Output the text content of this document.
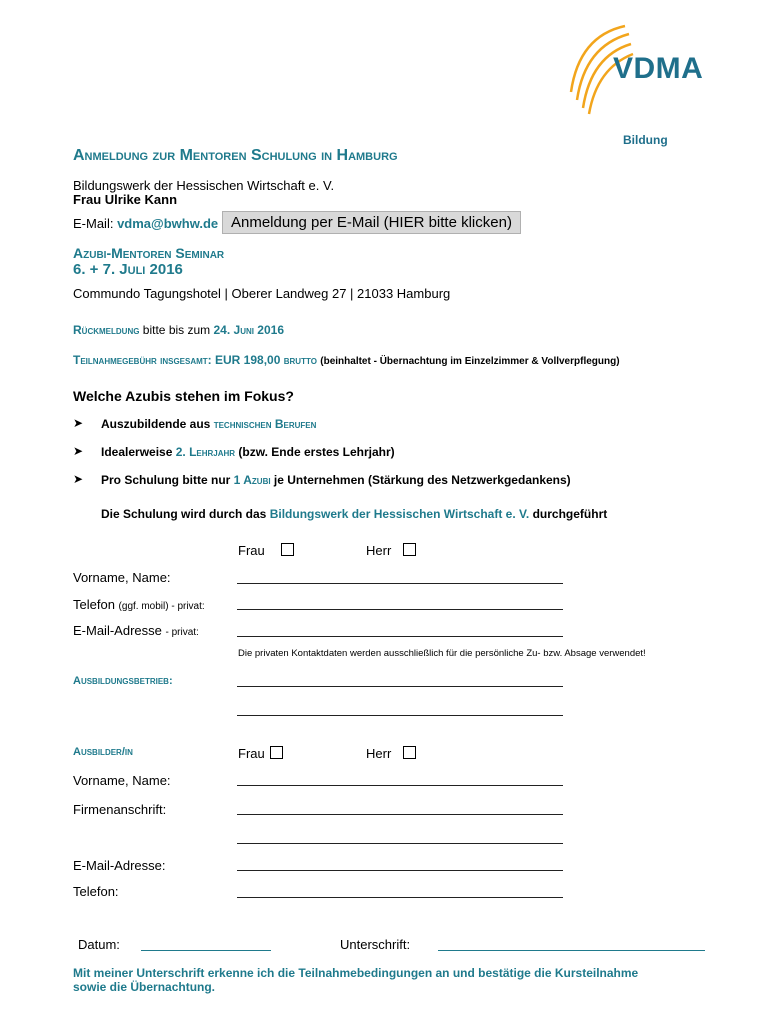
VDMA
Bildung
Anmeldung zur Mentoren Schulung in Hamburg
Bildungswerk der Hessischen Wirtschaft e. V.
Frau Ulrike Kann
E-Mail: vdma@bwhw.de Anmeldung per E-Mail (HIER bitte klicken)
Azubi-Mentoren Seminar
6. + 7. Juli 2016
Commundo Tagungshotel | Oberer Landweg 27 | 21033 Hamburg
Rückmeldung bitte bis zum 24. Juni 2016
Teilnahmegebühr insgesamt: EUR 198,00 brutto (beinhaltet - Übernachtung im Einzelzimmer & Vollverpflegung)
Welche Azubis stehen im Fokus?
➤ Auszubildende aus technischen Berufen
➤ Idealerweise 2. Lehrjahr (bzw. Ende erstes Lehrjahr)
➤ Pro Schulung bitte nur 1 Azubi je Unternehmen (Stärkung des Netzwerkgedankens)
Die Schulung wird durch das Bildungswerk der Hessischen Wirtschaft e. V. durchgeführt
Frau	Herr
Vorname, Name:
Telefon (ggf. mobil) - privat:
E-Mail-Adresse - privat:
Die privaten Kontaktdaten werden ausschließlich für die persönliche Zu- bzw. Absage verwendet!
Ausbildungsbetrieb:
Ausbilder/in	Frau	Herr
Vorname, Name:
Firmenanschrift:
E-Mail-Adresse:
Telefon:
Datum:	Unterschrift:
Mit meiner Unterschrift erkenne ich die Teilnahmebedingungen an und bestätige die Kursteilnahme
sowie die Übernachtung.
